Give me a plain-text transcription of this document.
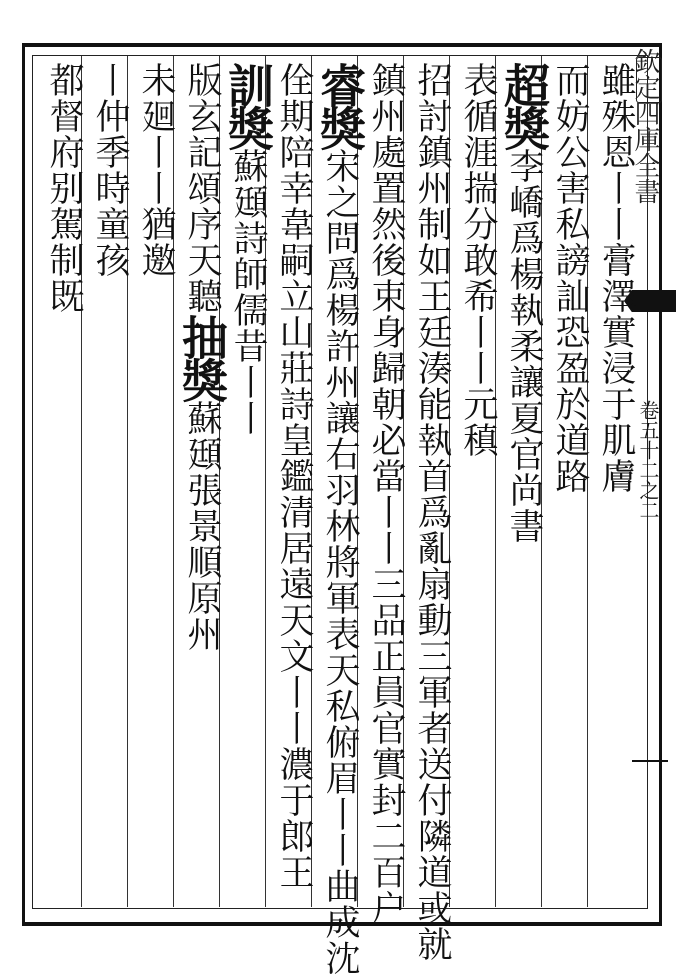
欽定四庫全書
卷五十二之二
雖殊恩丨丨膏澤實浸于肌膚
而妨公害私謗訕恐盈於道路
超獎李嶠爲楊執柔讓夏官尚書
表循涯揣分敢希丨丨元稹
招討鎮州制如王廷湊能執首爲亂扇動三軍者送付隣道或就
鎮州處置然後束身歸朝必當丨丨三品正員官實封二百户
睿獎宋之問爲楊許州讓右羽林將軍表天私俯眉丨丨曲成沈
佺期陪幸韋嗣立山莊詩皇鑑清居遠天文丨丨濃于郎王
訓獎蘇頲詩師儒昔丨丨
版玄記頌序天聽抽獎蘇頲張景順原州
未廻丨丨猶邀
丨仲季時童孩
都督府别駕制既
